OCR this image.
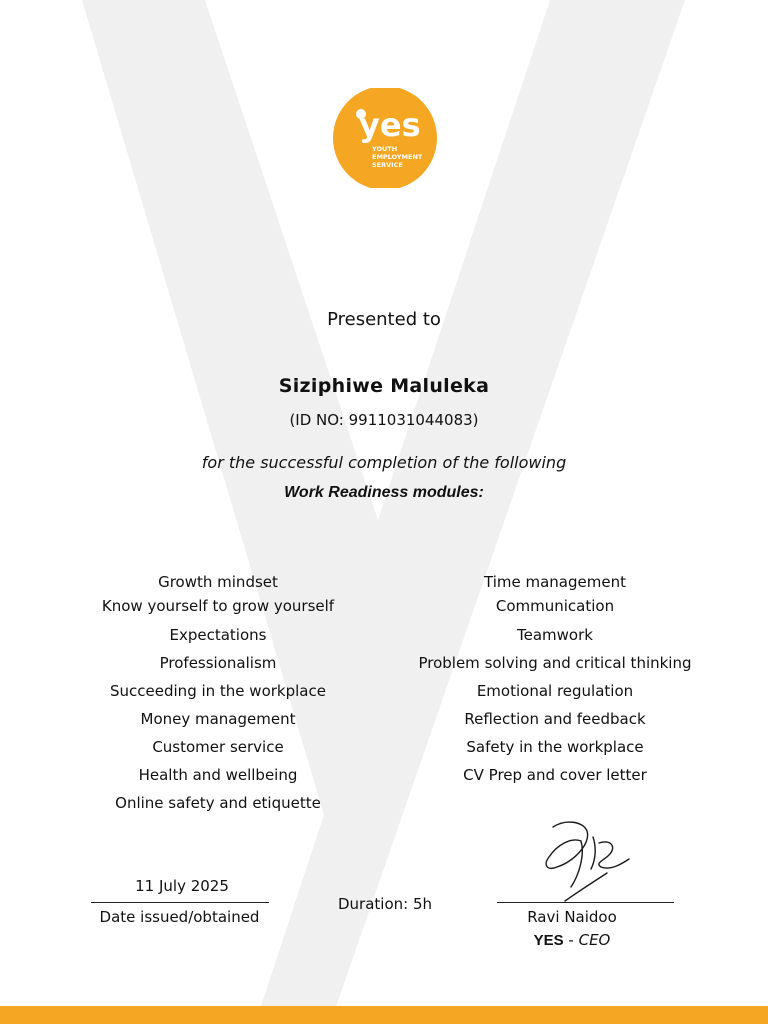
yes
YOUTH
EMPLOYMENT
SERVICE
Presented to
Siziphiwe Maluleka
(ID NO: 9911031044083)
for the successful completion of the following
Work Readiness modules:
Growth mindset
Know yourself to grow yourself
Expectations
Professionalism
Succeeding in the workplace
Money management
Customer service
Health and wellbeing
Online safety and etiquette
Time management
Communication
Teamwork
Problem solving and critical thinking
Emotional regulation
Reflection and feedback
Safety in the workplace
CV Prep and cover letter
11 July 2025
Date issued/obtained
Duration: 5h
Ravi Naidoo
YES - CEO
